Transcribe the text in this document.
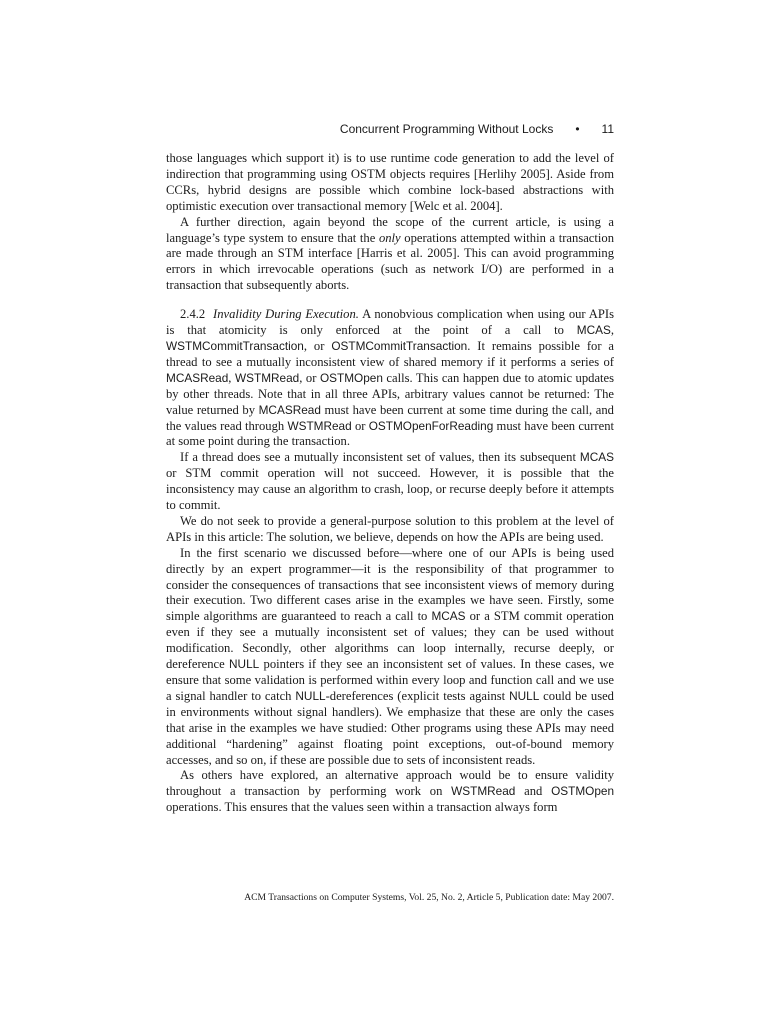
Concurrent Programming Without Locks • 11

those languages which support it) is to use runtime code generation to add the level of indirection that programming using OSTM objects requires [Herlihy 2005]. Aside from CCRs, hybrid designs are possible which combine lock-based abstractions with optimistic execution over transactional memory [Welc et al. 2004].

A further direction, again beyond the scope of the current article, is using a language’s type system to ensure that the only operations attempted within a transaction are made through an STM interface [Harris et al. 2005]. This can avoid programming errors in which irrevocable operations (such as network I/O) are performed in a transaction that subsequently aborts.

2.4.2 Invalidity During Execution. A nonobvious complication when using our APIs is that atomicity is only enforced at the point of a call to MCAS, WSTMCommitTransaction, or OSTMCommitTransaction. It remains possible for a thread to see a mutually inconsistent view of shared memory if it performs a series of MCASRead, WSTMRead, or OSTMOpen calls. This can happen due to atomic updates by other threads. Note that in all three APIs, arbitrary values cannot be returned: The value returned by MCASRead must have been current at some time during the call, and the values read through WSTMRead or OSTMOpenForReading must have been current at some point during the transaction.

If a thread does see a mutually inconsistent set of values, then its subsequent MCAS or STM commit operation will not succeed. However, it is possible that the inconsistency may cause an algorithm to crash, loop, or recurse deeply before it attempts to commit.

We do not seek to provide a general-purpose solution to this problem at the level of APIs in this article: The solution, we believe, depends on how the APIs are being used.

In the first scenario we discussed before—where one of our APIs is being used directly by an expert programmer—it is the responsibility of that programmer to consider the consequences of transactions that see inconsistent views of memory during their execution. Two different cases arise in the examples we have seen. Firstly, some simple algorithms are guaranteed to reach a call to MCAS or a STM commit operation even if they see a mutually inconsistent set of values; they can be used without modification. Secondly, other algorithms can loop internally, recurse deeply, or dereference NULL pointers if they see an inconsistent set of values. In these cases, we ensure that some validation is performed within every loop and function call and we use a signal handler to catch NULL-dereferences (explicit tests against NULL could be used in environments without signal handlers). We emphasize that these are only the cases that arise in the examples we have studied: Other programs using these APIs may need additional “hardening” against floating point exceptions, out-of-bound memory accesses, and so on, if these are possible due to sets of inconsistent reads.

As others have explored, an alternative approach would be to ensure validity throughout a transaction by performing work on WSTMRead and OSTMOpen operations. This ensures that the values seen within a transaction always form

ACM Transactions on Computer Systems, Vol. 25, No. 2, Article 5, Publication date: May 2007.
